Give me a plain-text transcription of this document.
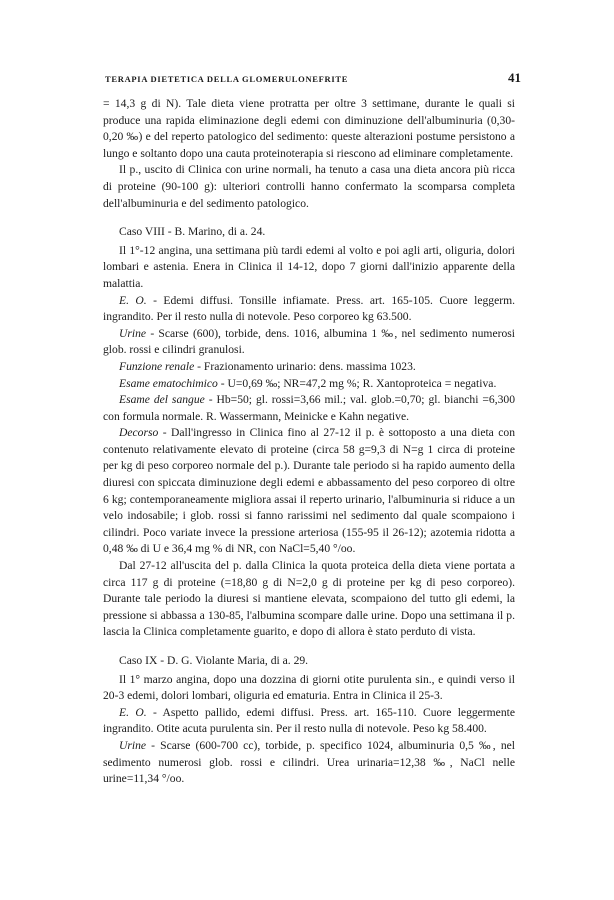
TERAPIA DIETETICA DELLA GLOMERULONEFRITE	41

= 14,3 g di N). Tale dieta viene protratta per oltre 3 settimane, durante le quali si produce una rapida eliminazione degli edemi con diminuzione dell'albuminuria (0,30-0,20 ‰) e del reperto patologico del sedimento: queste alterazioni postume persistono a lungo e soltanto dopo una cauta proteinoterapia si riescono ad eliminare completamente.

Il p., uscito di Clinica con urine normali, ha tenuto a casa una dieta ancora più ricca di proteine (90-100 g): ulteriori controlli hanno confermato la scomparsa completa dell'albuminuria e del sedimento patologico.

Caso VIII - B. Marino, di a. 24.

Il 1°-12 angina, una settimana più tardi edemi al volto e poi agli arti, oliguria, dolori lombari e astenia. Enera in Clinica il 14-12, dopo 7 giorni dall'inizio apparente della malattia.

E. O. - Edemi diffusi. Tonsille infiamate. Press. art. 165-105. Cuore leggerm. ingrandito. Per il resto nulla di notevole. Peso corporeo kg 63.500.

Urine - Scarse (600), torbide, dens. 1016, albumina 1 ‰, nel sedimento numerosi glob. rossi e cilindri granulosi.

Funzione renale - Frazionamento urinario: dens. massima 1023.

Esame ematochimico - U=0,69 ‰; NR=47,2 mg %; R. Xantoproteica = negativa.

Esame del sangue - Hb=50; gl. rossi=3,66 mil.; val. glob.=0,70; gl. bianchi =6,300 con formula normale. R. Wassermann, Meinicke e Kahn negative.

Decorso - Dall'ingresso in Clinica fino al 27-12 il p. è sottoposto a una dieta con contenuto relativamente elevato di proteine (circa 58 g=9,3 di N=g 1 circa di proteine per kg di peso corporeo normale del p.). Durante tale periodo si ha rapido aumento della diuresi con spiccata diminuzione degli edemi e abbassamento del peso corporeo di oltre 6 kg; contemporaneamente migliora assai il reperto urinario, l'albuminuria si riduce a un velo indosabile; i glob. rossi si fanno rarissimi nel sedimento dal quale scompaiono i cilindri. Poco variate invece la pressione arteriosa (155-95 il 26-12); azotemia ridotta a 0,48 ‰ di U e 36,4 mg % di NR, con NaCl=5,40 °/oo.

Dal 27-12 all'uscita del p. dalla Clinica la quota proteica della dieta viene portata a circa 117 g di proteine (=18,80 g di N=2,0 g di proteine per kg di peso corporeo). Durante tale periodo la diuresi si mantiene elevata, scompaiono del tutto gli edemi, la pressione si abbassa a 130-85, l'albumina scompare dalle urine. Dopo una settimana il p. lascia la Clinica completamente guarito, e dopo di allora è stato perduto di vista.

Caso IX - D. G. Violante Maria, di a. 29.

Il 1° marzo angina, dopo una dozzina di giorni otite purulenta sin., e quindi verso il 20-3 edemi, dolori lombari, oliguria ed ematuria. Entra in Clinica il 25-3.

E. O. - Aspetto pallido, edemi diffusi. Press. art. 165-110. Cuore leggermente ingrandito. Otite acuta purulenta sin. Per il resto nulla di notevole. Peso kg 58.400.

Urine - Scarse (600-700 cc), torbide, p. specifico 1024, albuminuria 0,5 ‰, nel sedimento numerosi glob. rossi e cilindri. Urea urinaria=12,38 ‰, NaCl nelle urine=11,34 °/oo.
